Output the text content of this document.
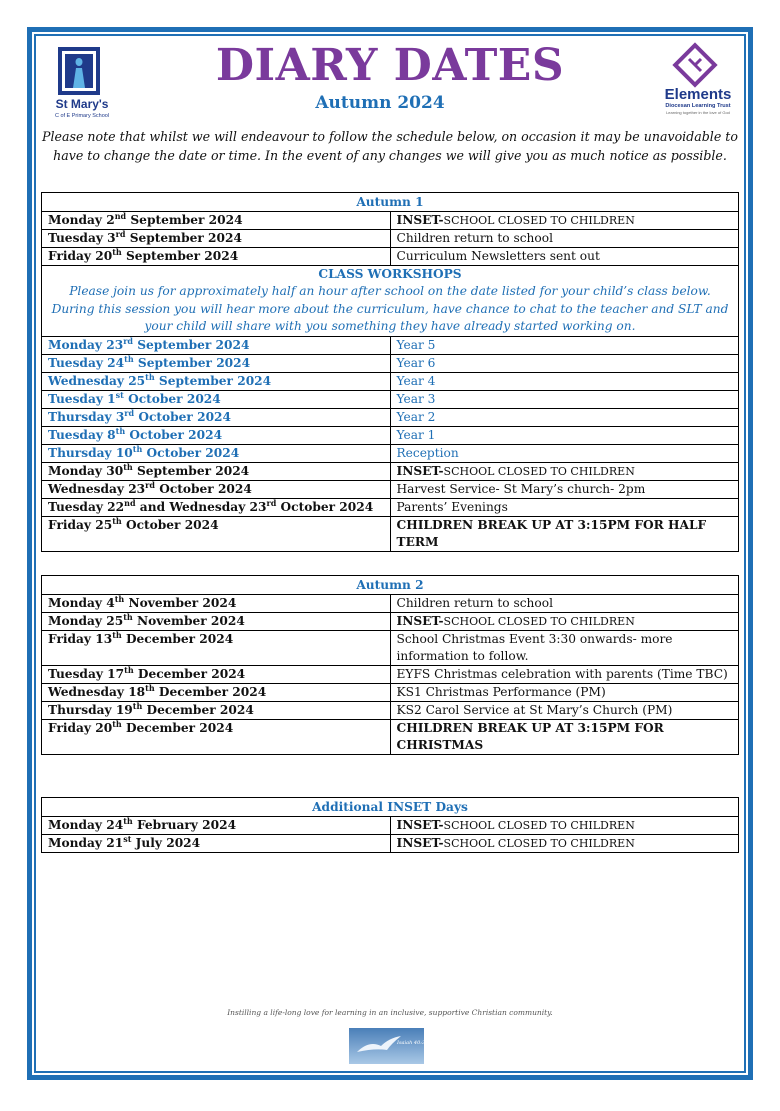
St Mary's
C of E Primary School
Elements
Diocesan Learning Trust
Learning together in the love of God
DIARY DATES
Autumn 2024
Please note that whilst we will endeavour to follow the schedule below, on occasion it may be unavoidable to have to change the date or time. In the event of any changes we will give you as much notice as possible.
Autumn 1	
Monday 2nd September 2024	INSET-SCHOOL CLOSED TO CHILDREN
Tuesday 3rd September 2024	Children return to school
Friday 20th September 2024	Curriculum Newsletters sent out

CLASS WORKSHOPS
Please join us for approximately half an hour after school on the date listed for your child’s class below. During this session you will hear more about the curriculum, have chance to chat to the teacher and SLT and your child will share with you something they have already started working on.	

Monday 23rd September 2024	Year 5
Tuesday 24th September 2024	Year 6
Wednesday 25th September 2024	Year 4
Tuesday 1st October 2024	Year 3
Thursday 3rd October 2024	Year 2
Tuesday 8th October 2024	Year 1
Thursday 10th October 2024	Reception
Monday 30th September 2024	INSET-SCHOOL CLOSED TO CHILDREN
Wednesday 23rd October 2024	Harvest Service- St Mary’s church- 2pm
Tuesday 22nd and Wednesday 23rd October 2024	Parents’ Evenings
Friday 25th October 2024	CHILDREN BREAK UP AT 3:15PM FOR HALF TERM
Autumn 2	
Monday 4th November 2024	Children return to school
Monday 25th November 2024	INSET-SCHOOL CLOSED TO CHILDREN
Friday 13th December 2024	School Christmas Event 3:30 onwards- more information to follow.
Tuesday 17th December 2024	EYFS Christmas celebration with parents (Time TBC)
Wednesday 18th December 2024	KS1 Christmas Performance (PM)
Thursday 19th December 2024	KS2 Carol Service at St Mary’s Church (PM)
Friday 20th December 2024	CHILDREN BREAK UP AT 3:15PM FOR CHRISTMAS
Additional INSET Days	
Monday 24th February 2024	INSET-SCHOOL CLOSED TO CHILDREN
Monday 21st July 2024	INSET-SCHOOL CLOSED TO CHILDREN
Instilling a life-long love for learning in an inclusive, supportive Christian community.
Isaiah 40:31
